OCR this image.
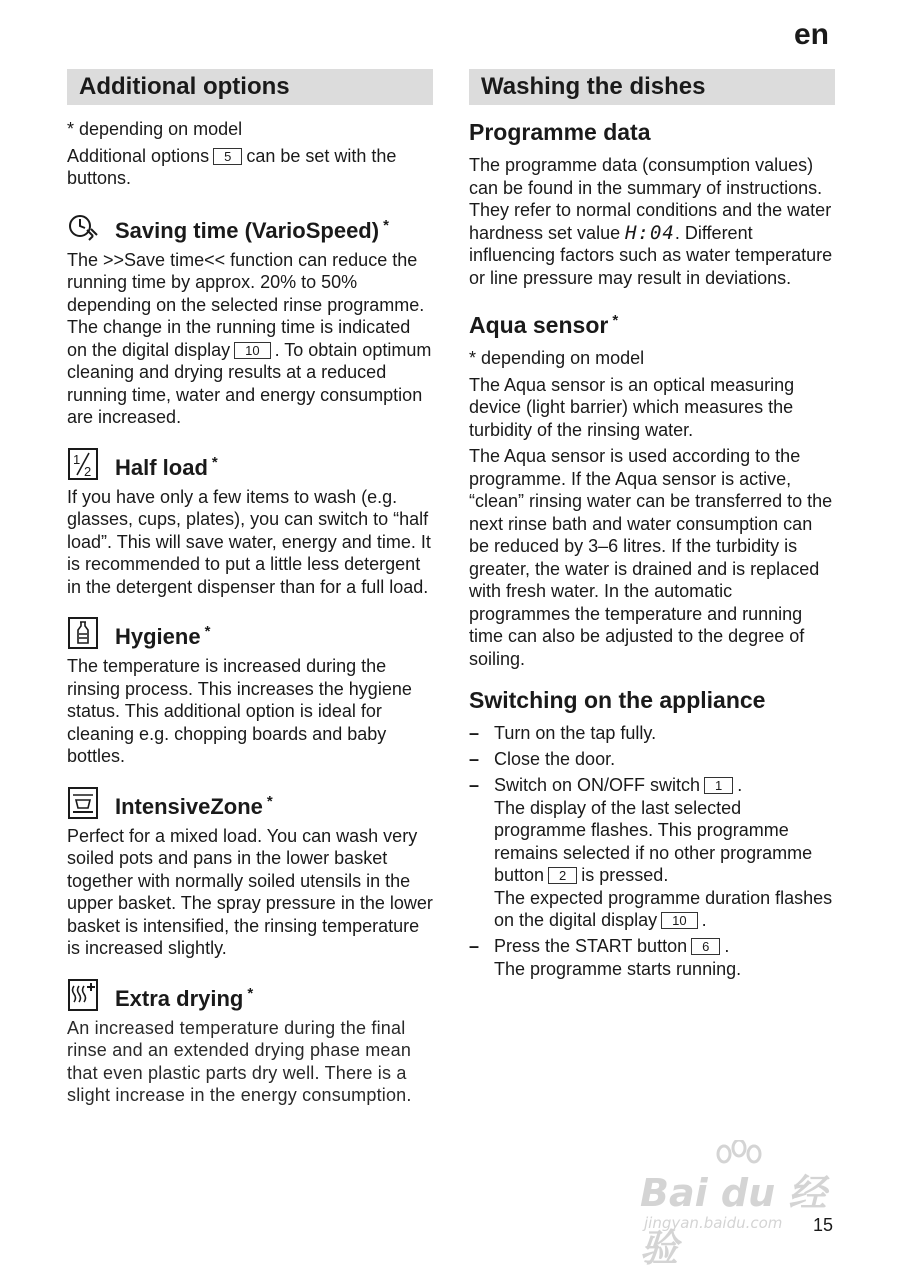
en
Additional options

* depending on model

Additional options 5 can be set with the buttons.

Saving time (VarioSpeed) *

The >>Save time<< function can reduce the running time by approx. 20% to 50% depending on the selected rinse programme. The change in the running time is indicated on the digital display 10 . To obtain optimum cleaning and drying results at a reduced running time, water and energy consumption are increased.

1
2 Half load *

If you have only a few items to wash (e.g. glasses, cups, plates), you can switch to “half load”. This will save water, energy and time. It is recommended to put a little less detergent in the detergent dispenser than for a full load.

Hygiene *

The temperature is increased during the rinsing process. This increases the hygiene status. This additional option is ideal for cleaning e.g. chopping boards and baby bottles.

IntensiveZone *

Perfect for a mixed load. You can wash very soiled pots and pans in the lower basket together with normally soiled utensils in the upper basket. The spray pressure in the lower basket is intensified, the rinsing temperature is increased slightly.

Extra drying *

An increased temperature during the final rinse and an extended drying phase mean that even plastic parts dry well. There is a slight increase in the energy consumption.

Washing the dishes
Programme data

The programme data (consumption values) can be found in the summary of instructions. They refer to normal conditions and the water hardness set value H:04. Different influencing factors such as water temperature or line pressure may result in deviations.

Aqua sensor *

* depending on model

The Aqua sensor is an optical measuring device (light barrier) which measures the turbidity of the rinsing water.

The Aqua sensor is used according to the programme. If the Aqua sensor is active, “clean” rinsing water can be transferred to the next rinse bath and water consumption can be reduced by 3–6 litres. If the turbidity is greater, the water is drained and is replaced with fresh water. In the automatic programmes the temperature and running time can also be adjusted to the degree of soiling.

Switching on the appliance
– Turn on the tap fully.
– Close the door.
– Switch on ON/OFF switch 1 .
The display of the last selected programme flashes. This programme remains selected if no other programme button 2 is pressed.
The expected programme duration flashes on the digital display 10 .
– Press the START button 6 .
The programme starts running.
Bai du 经验
jingyan.baidu.com 15
